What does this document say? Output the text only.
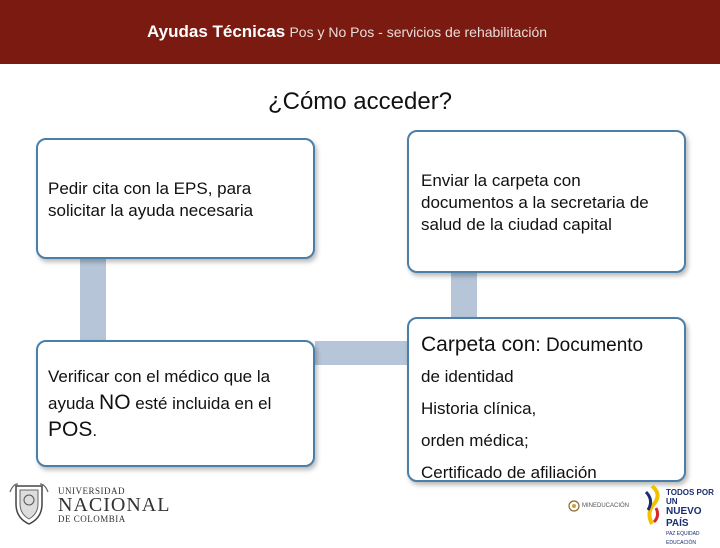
Ayudas Técnicas Pos y No Pos - servicios de rehabilitación
¿Cómo acceder?

Pedir cita con la EPS, para solicitar la ayuda necesaria

Enviar la carpeta con documentos a la secretaria de salud de la ciudad capital

Verificar con el médico que la ayuda NO esté incluida en el POS.

Carpeta con: Documento
de identidad
Historia clínica,
orden médica;
Certificado de afiliación
UNIVERSIDAD
NACIONAL
DE COLOMBIA
MINEDUCACIÓN
TODOS POR UN
NUEVO PAÍS
PAZ EQUIDAD EDUCACIÓN
